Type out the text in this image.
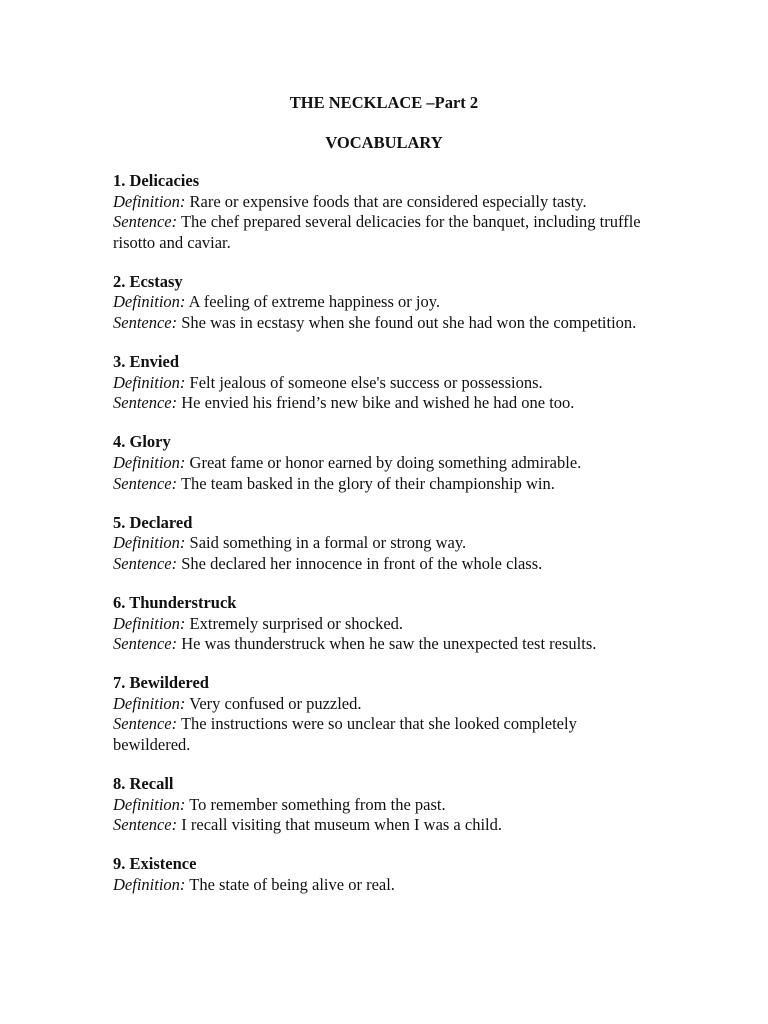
THE NECKLACE –Part 2
VOCABULARY
1. Delicacies
Definition: Rare or expensive foods that are considered especially tasty.
Sentence: The chef prepared several delicacies for the banquet, including truffle risotto and caviar.
2. Ecstasy
Definition: A feeling of extreme happiness or joy.
Sentence: She was in ecstasy when she found out she had won the competition.
3. Envied
Definition: Felt jealous of someone else's success or possessions.
Sentence: He envied his friend’s new bike and wished he had one too.
4. Glory
Definition: Great fame or honor earned by doing something admirable.
Sentence: The team basked in the glory of their championship win.
5. Declared
Definition: Said something in a formal or strong way.
Sentence: She declared her innocence in front of the whole class.
6. Thunderstruck
Definition: Extremely surprised or shocked.
Sentence: He was thunderstruck when he saw the unexpected test results.
7. Bewildered
Definition: Very confused or puzzled.
Sentence: The instructions were so unclear that she looked completely bewildered.
8. Recall
Definition: To remember something from the past.
Sentence: I recall visiting that museum when I was a child.
9. Existence
Definition: The state of being alive or real.
